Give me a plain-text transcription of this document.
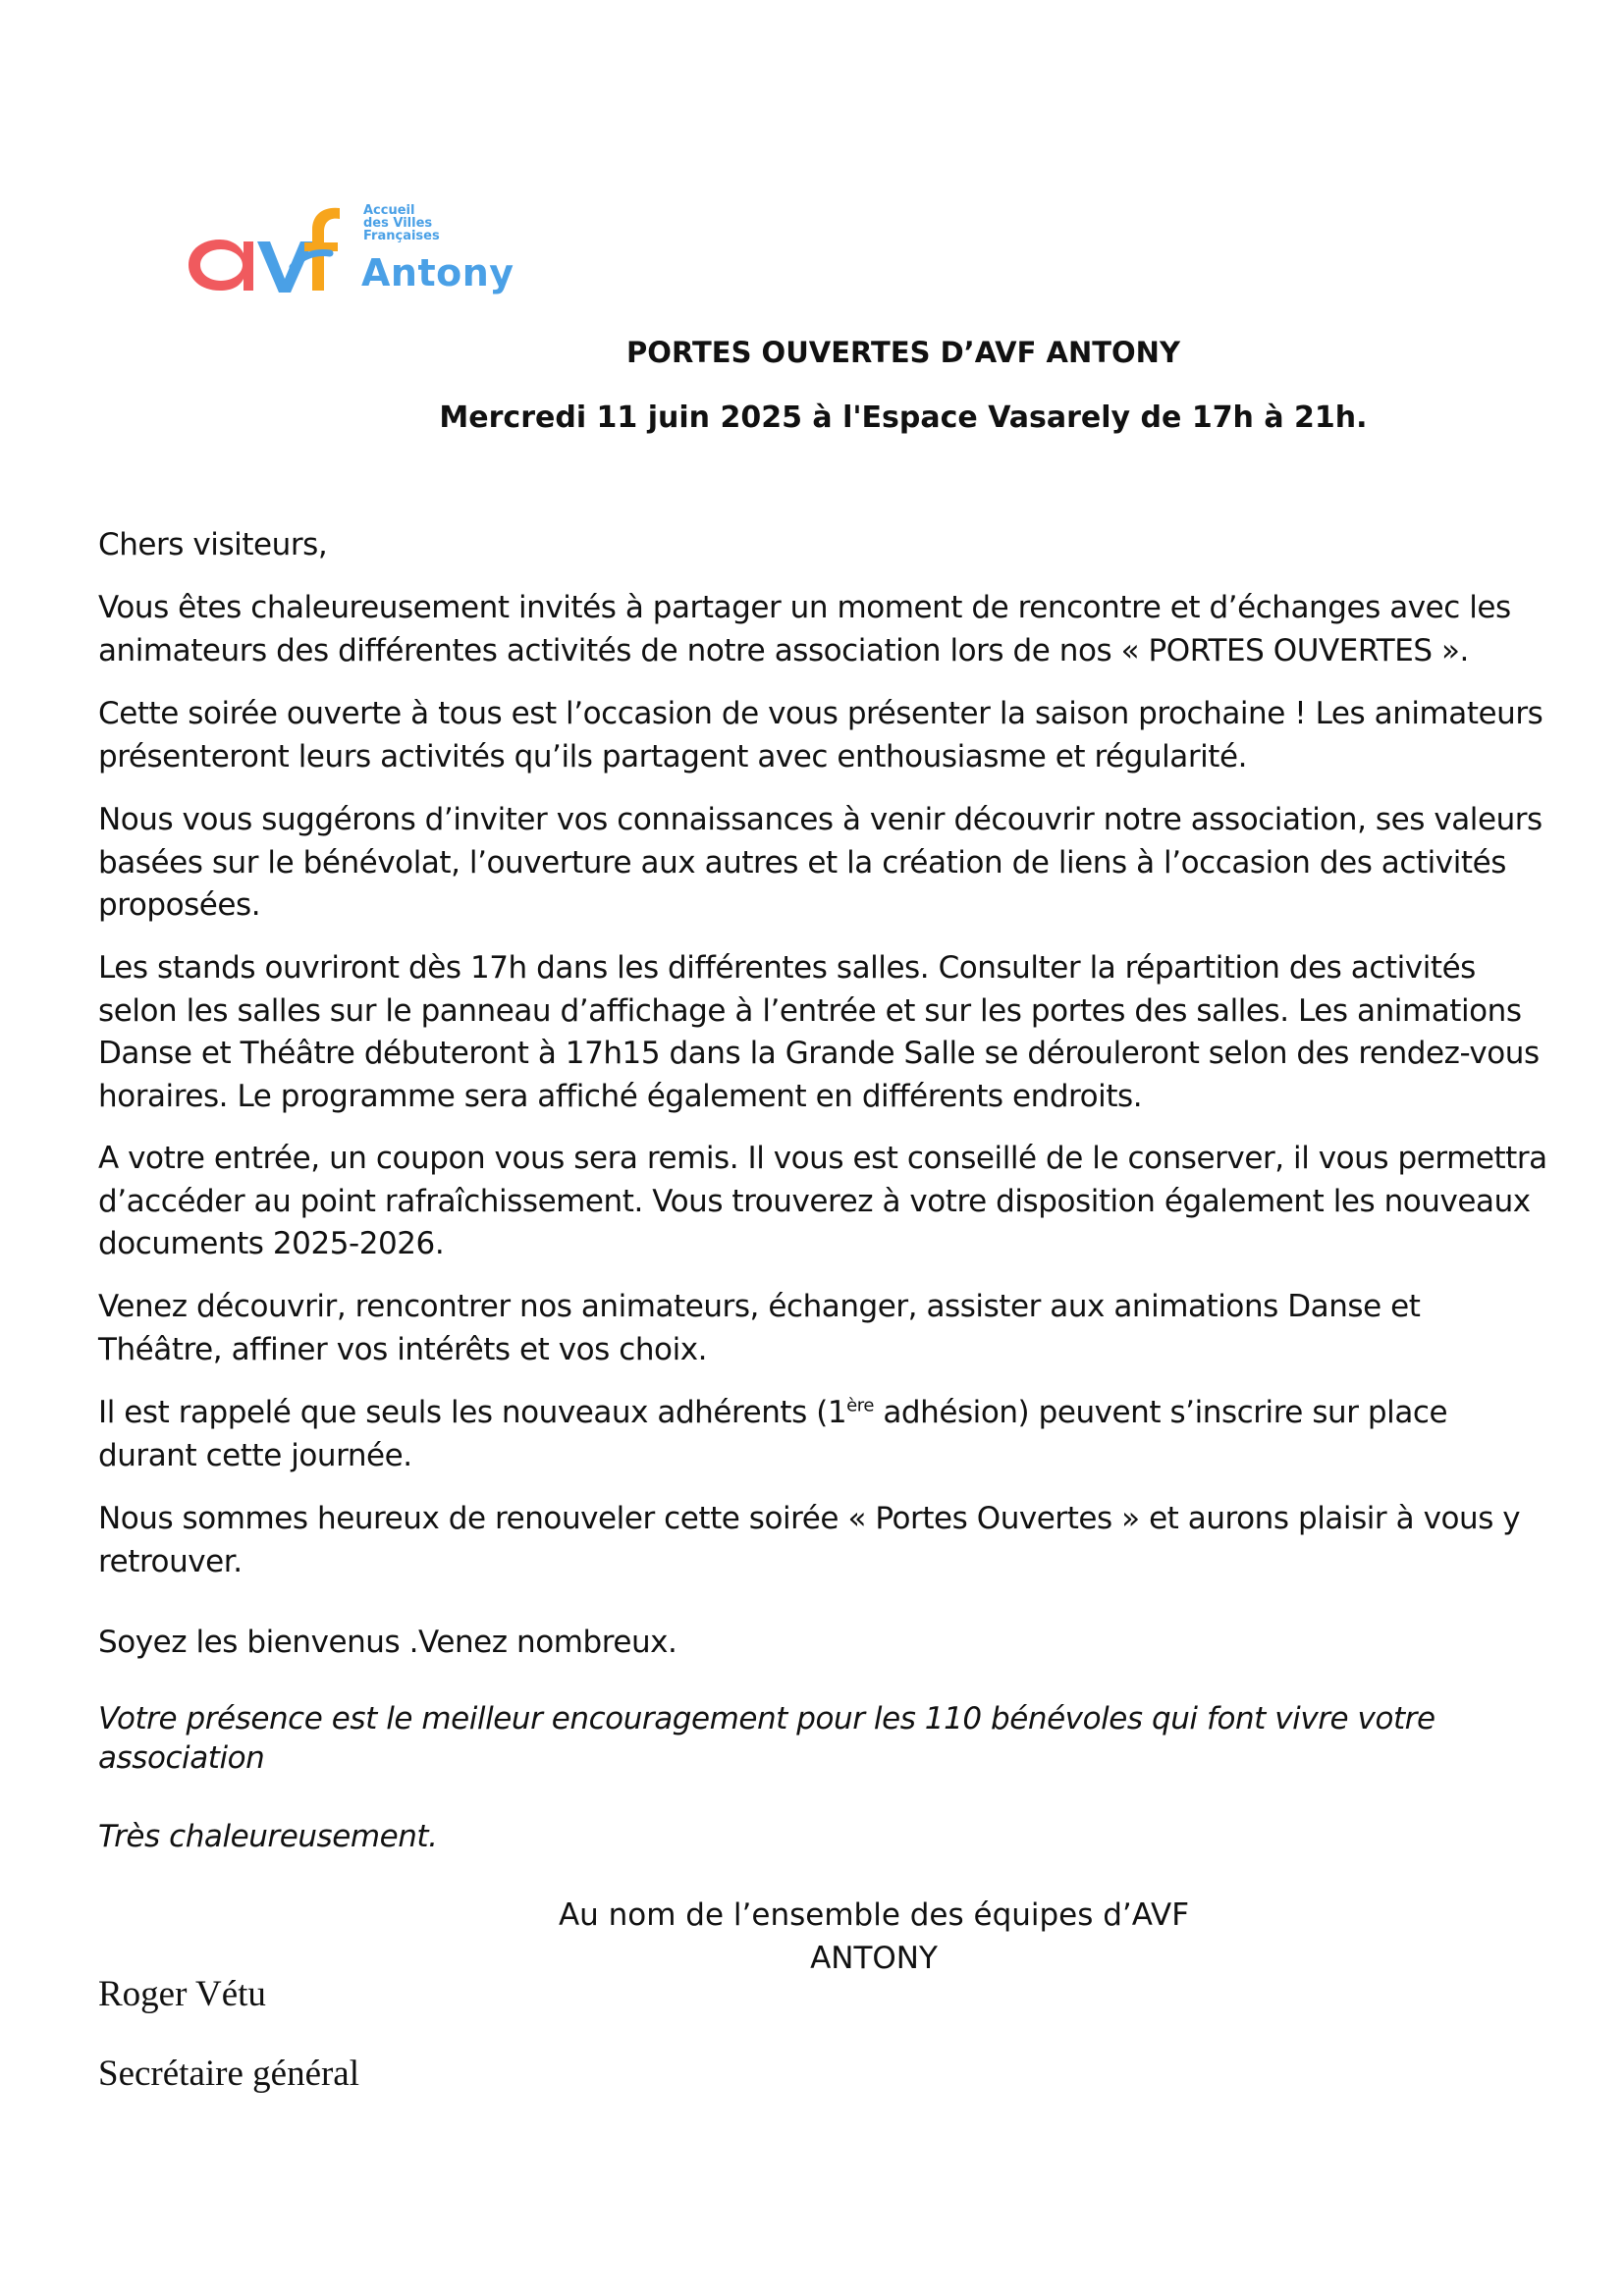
Accueil
des Villes
Françaises
Antony
PORTES OUVERTES D’AVF ANTONY
Mercredi 11 juin 2025 à l'Espace Vasarely de 17h à 21h.

Chers visiteurs,

Vous êtes chaleureusement invités à partager un moment de rencontre et d’échanges avec les animateurs des différentes activités de notre association lors de nos « PORTES OUVERTES ».

Cette soirée ouverte à tous est l’occasion de vous présenter la saison prochaine ! Les animateurs présenteront leurs activités qu’ils partagent avec enthousiasme et régularité.

Nous vous suggérons d’inviter vos connaissances à venir découvrir notre association, ses valeurs basées sur le bénévolat, l’ouverture aux autres et la création de liens à l’occasion des activités proposées.

Les stands ouvriront dès 17h dans les différentes salles. Consulter la répartition des activités selon les salles sur le panneau d’affichage à l’entrée et sur les portes des salles. Les animations Danse et Théâtre débuteront à 17h15 dans la Grande Salle se dérouleront selon des rendez-vous horaires. Le programme sera affiché également en différents endroits.

A votre entrée, un coupon vous sera remis. Il vous est conseillé de le conserver, il vous permettra d’accéder au point rafraîchissement. Vous trouverez à votre disposition également les nouveaux documents 2025-2026.

Venez découvrir, rencontrer nos animateurs, échanger, assister aux animations Danse et Théâtre, affiner vos intérêts et vos choix.

Il est rappelé que seuls les nouveaux adhérents (1ère adhésion) peuvent s’inscrire sur place durant cette journée.

Nous sommes heureux de renouveler cette soirée « Portes Ouvertes » et aurons plaisir à vous y retrouver.

Soyez les bienvenus .Venez nombreux.

Votre présence est le meilleur encouragement pour les 110 bénévoles qui font vivre votre association

Très chaleureusement.

Au nom de l’ensemble des équipes d’AVF ANTONY
Roger Vétu
Secrétaire général
